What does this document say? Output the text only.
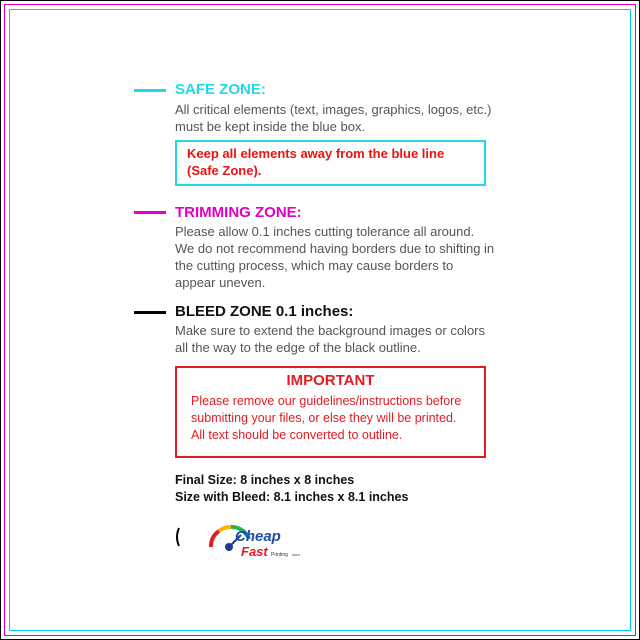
SAFE ZONE:

All critical elements (text, images, graphics, logos, etc.)
must be kept inside the blue box.

Keep all elements away from the blue line
(Safe Zone).
TRIMMING ZONE:

Please allow 0.1 inches cutting tolerance all around.
We do not recommend having borders due to shifting in
the cutting process, which may cause borders to
appear uneven.

BLEED ZONE 0.1 inches:

Make sure to extend the background images or colors
all the way to the edge of the black outline.

IMPORTANT
Please remove our guidelines/instructions before
submitting your files, or else they will be printed.
All text should be converted to outline.
Final Size: 8 inches x 8 inches
Size with Bleed: 8.1 inches x 8.1 inches
Cheap
Fast Printing .com
